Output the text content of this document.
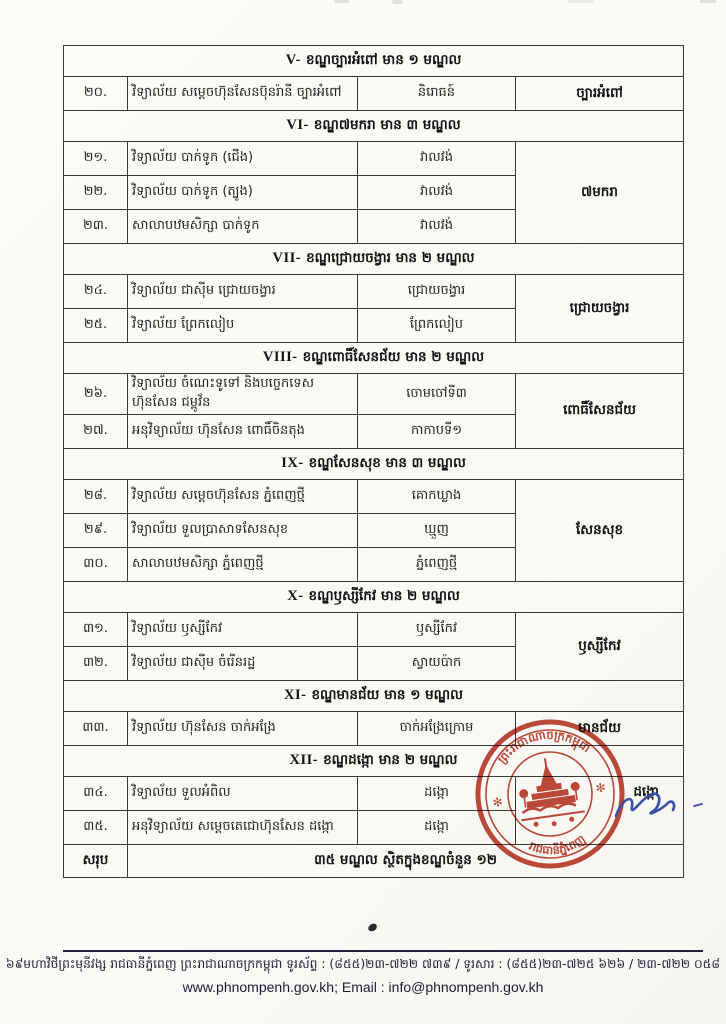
V- ខណ្ឌច្បារអំពៅ មាន ១ មណ្ឌល			
២០.	វិទ្យាល័យ សម្តេចហ៊ុនសែនប៊ុនរ៉ានី ច្បារអំពៅ	និរោធន៍	ច្បារអំពៅ
VI- ខណ្ឌ៧មករា មាន ៣ មណ្ឌល			
២១.	វិទ្យាល័យ បាក់ទូក (ជើង)	វាលវង់	៧មករា
២២.	វិទ្យាល័យ បាក់ទូក (ត្បូង)	វាលវង់	
២៣.	សាលាបឋមសិក្សា បាក់ទូក	វាលវង់	
VII- ខណ្ឌជ្រោយចង្វារ មាន ២ មណ្ឌល			
២៤.	វិទ្យាល័យ ជាស៊ីម ជ្រោយចង្វារ	ជ្រោយចង្វារ	ជ្រោយចង្វារ
២៥.	វិទ្យាល័យ ព្រែកលៀប	ព្រែកលៀប	
VIII- ខណ្ឌពោធិ៍សែនជ័យ មាន ២ មណ្ឌល			
២៦.	វិទ្យាល័យ ចំណេះទូទៅ និងបច្ចេកទេស ហ៊ុនសែន ជម្ពូវ័ន	ចោមចៅទី៣	ពោធិ៍សែនជ័យ
២៧.	អនុវិទ្យាល័យ ហ៊ុនសែន ពោធិ៍ចិនតុង	កាកាបទី១	
IX- ខណ្ឌសែនសុខ មាន ៣ មណ្ឌល			
២៨.	វិទ្យាល័យ សម្តេចហ៊ុនសែន ភ្នំពេញថ្មី	គោកឃ្លាង	សែនសុខ
២៩.	វិទ្យាល័យ ទួលប្រាសាទសែនសុខ	ឃ្មួញ	
៣០.	សាលាបឋមសិក្សា ភ្នំពេញថ្មី	ភ្នំពេញថ្មី	
X- ខណ្ឌឫស្សីកែវ មាន ២ មណ្ឌល			
៣១.	វិទ្យាល័យ ឫស្សីកែវ	ឫស្សីកែវ	ឫស្សីកែវ
៣២.	វិទ្យាល័យ ជាស៊ីម ចំរើនរដ្ឋ	ស្វាយប៉ាក	
XI- ខណ្ឌមានជ័យ មាន ១ មណ្ឌល			
៣៣.	វិទ្យាល័យ ហ៊ុនសែន ចាក់អង្រែ	ចាក់អង្រែក្រោម	មានជ័យ
XII- ខណ្ឌដង្កោ មាន ២ មណ្ឌល			
៣៤.	វិទ្យាល័យ ទួលអំពិល	ដង្កោ	ដង្កោ
៣៥.	អនុវិទ្យាល័យ សម្តេចតេជោហ៊ុនសែន ដង្កោ	ដង្កោ	
សរុប	៣៥ មណ្ឌល ស្ថិតក្នុងខណ្ឌចំនួន ១២		
ព្រះរាជាណាចក្រកម្ពុជា
រាជធានីភ្នំពេញ
✻
✻
៦៩មហាវិថីព្រះមុនីវង្ស រាជធានីភ្នំពេញ ព្រះរាជាណាចក្រកម្ពុជា ទូរស័ព្ទ : (៨៥៥)២៣-៧២២ ៧៣៩ / ទូរសារ : (៨៥៥)២៣-៧២៥ ៦២៦ / ២៣-៧២២ ០៥៨
www.phnompenh.gov.kh; Email : info@phnompenh.gov.kh
